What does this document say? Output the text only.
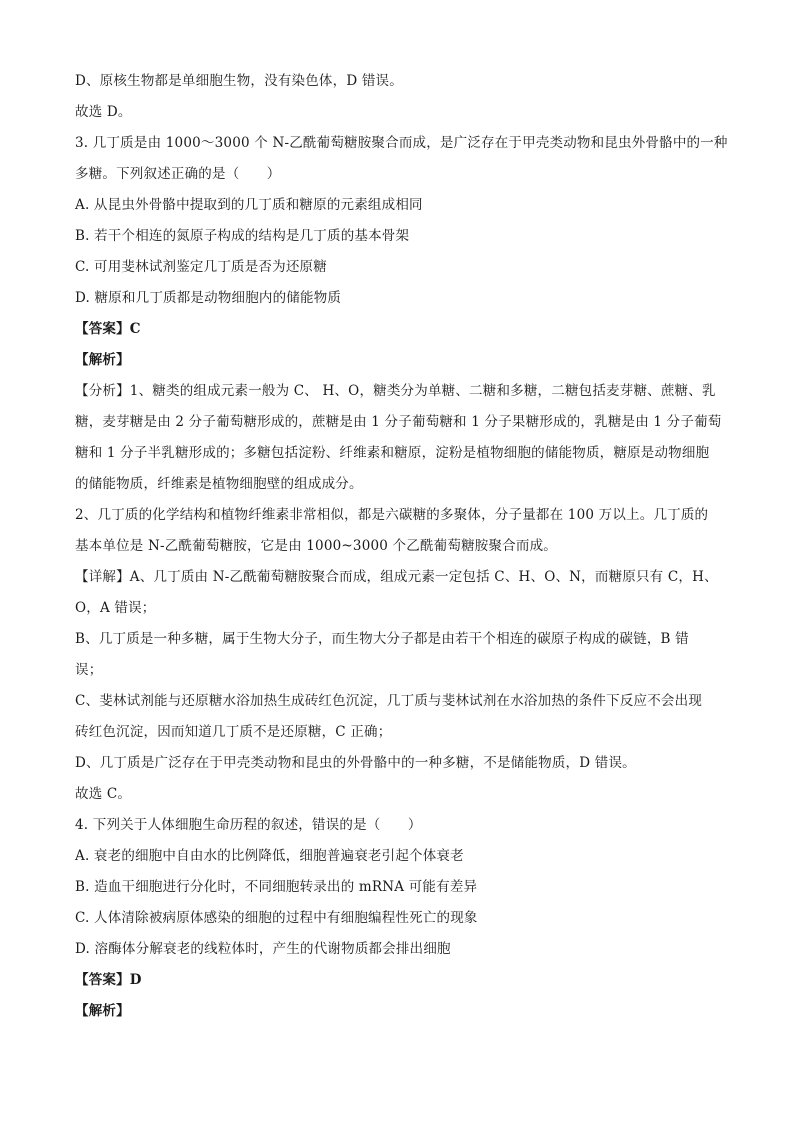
D、原核生物都是单细胞生物，没有染色体，D 错误。
故选 D。
3. 几丁质是由 1000～3000 个 N-乙酰葡萄糖胺聚合而成，是广泛存在于甲壳类动物和昆虫外骨骼中的一种
多糖。下列叙述正确的是（　　）
A. 从昆虫外骨骼中提取到的几丁质和糖原的元素组成相同
B. 若干个相连的氮原子构成的结构是几丁质的基本骨架
C. 可用斐林试剂鉴定几丁质是否为还原糖
D. 糖原和几丁质都是动物细胞内的储能物质
【答案】C
【解析】
【分析】1、糖类的组成元素一般为 C、 H、O，糖类分为单糖、二糖和多糖，二糖包括麦芽糖、蔗糖、乳
糖，麦芽糖是由 2 分子葡萄糖形成的，蔗糖是由 1 分子葡萄糖和 1 分子果糖形成的，乳糖是由 1 分子葡萄
糖和 1 分子半乳糖形成的；多糖包括淀粉、纤维素和糖原，淀粉是植物细胞的储能物质，糖原是动物细胞
的储能物质，纤维素是植物细胞壁的组成成分。
2、几丁质的化学结构和植物纤维素非常相似，都是六碳糖的多聚体，分子量都在 100 万以上。几丁质的
基本单位是 N-乙酰葡萄糖胺，它是由 1000~3000 个乙酰葡萄糖胺聚合而成。
【详解】A、几丁质由 N-乙酰葡萄糖胺聚合而成，组成元素一定包括 C、H、O、N，而糖原只有 C，H、
O，A 错误；
B、几丁质是一种多糖，属于生物大分子，而生物大分子都是由若干个相连的碳原子构成的碳链，B 错
误；
C、斐林试剂能与还原糖水浴加热生成砖红色沉淀，几丁质与斐林试剂在水浴加热的条件下反应不会出现
砖红色沉淀，因而知道几丁质不是还原糖，C 正确；
D、几丁质是广泛存在于甲壳类动物和昆虫的外骨骼中的一种多糖，不是储能物质，D 错误。
故选 C。
4. 下列关于人体细胞生命历程的叙述，错误的是（　　）
A. 衰老的细胞中自由水的比例降低，细胞普遍衰老引起个体衰老
B. 造血干细胞进行分化时，不同细胞转录出的 mRNA 可能有差异
C. 人体清除被病原体感染的细胞的过程中有细胞编程性死亡的现象
D. 溶酶体分解衰老的线粒体时，产生的代谢物质都会排出细胞
【答案】D
【解析】
